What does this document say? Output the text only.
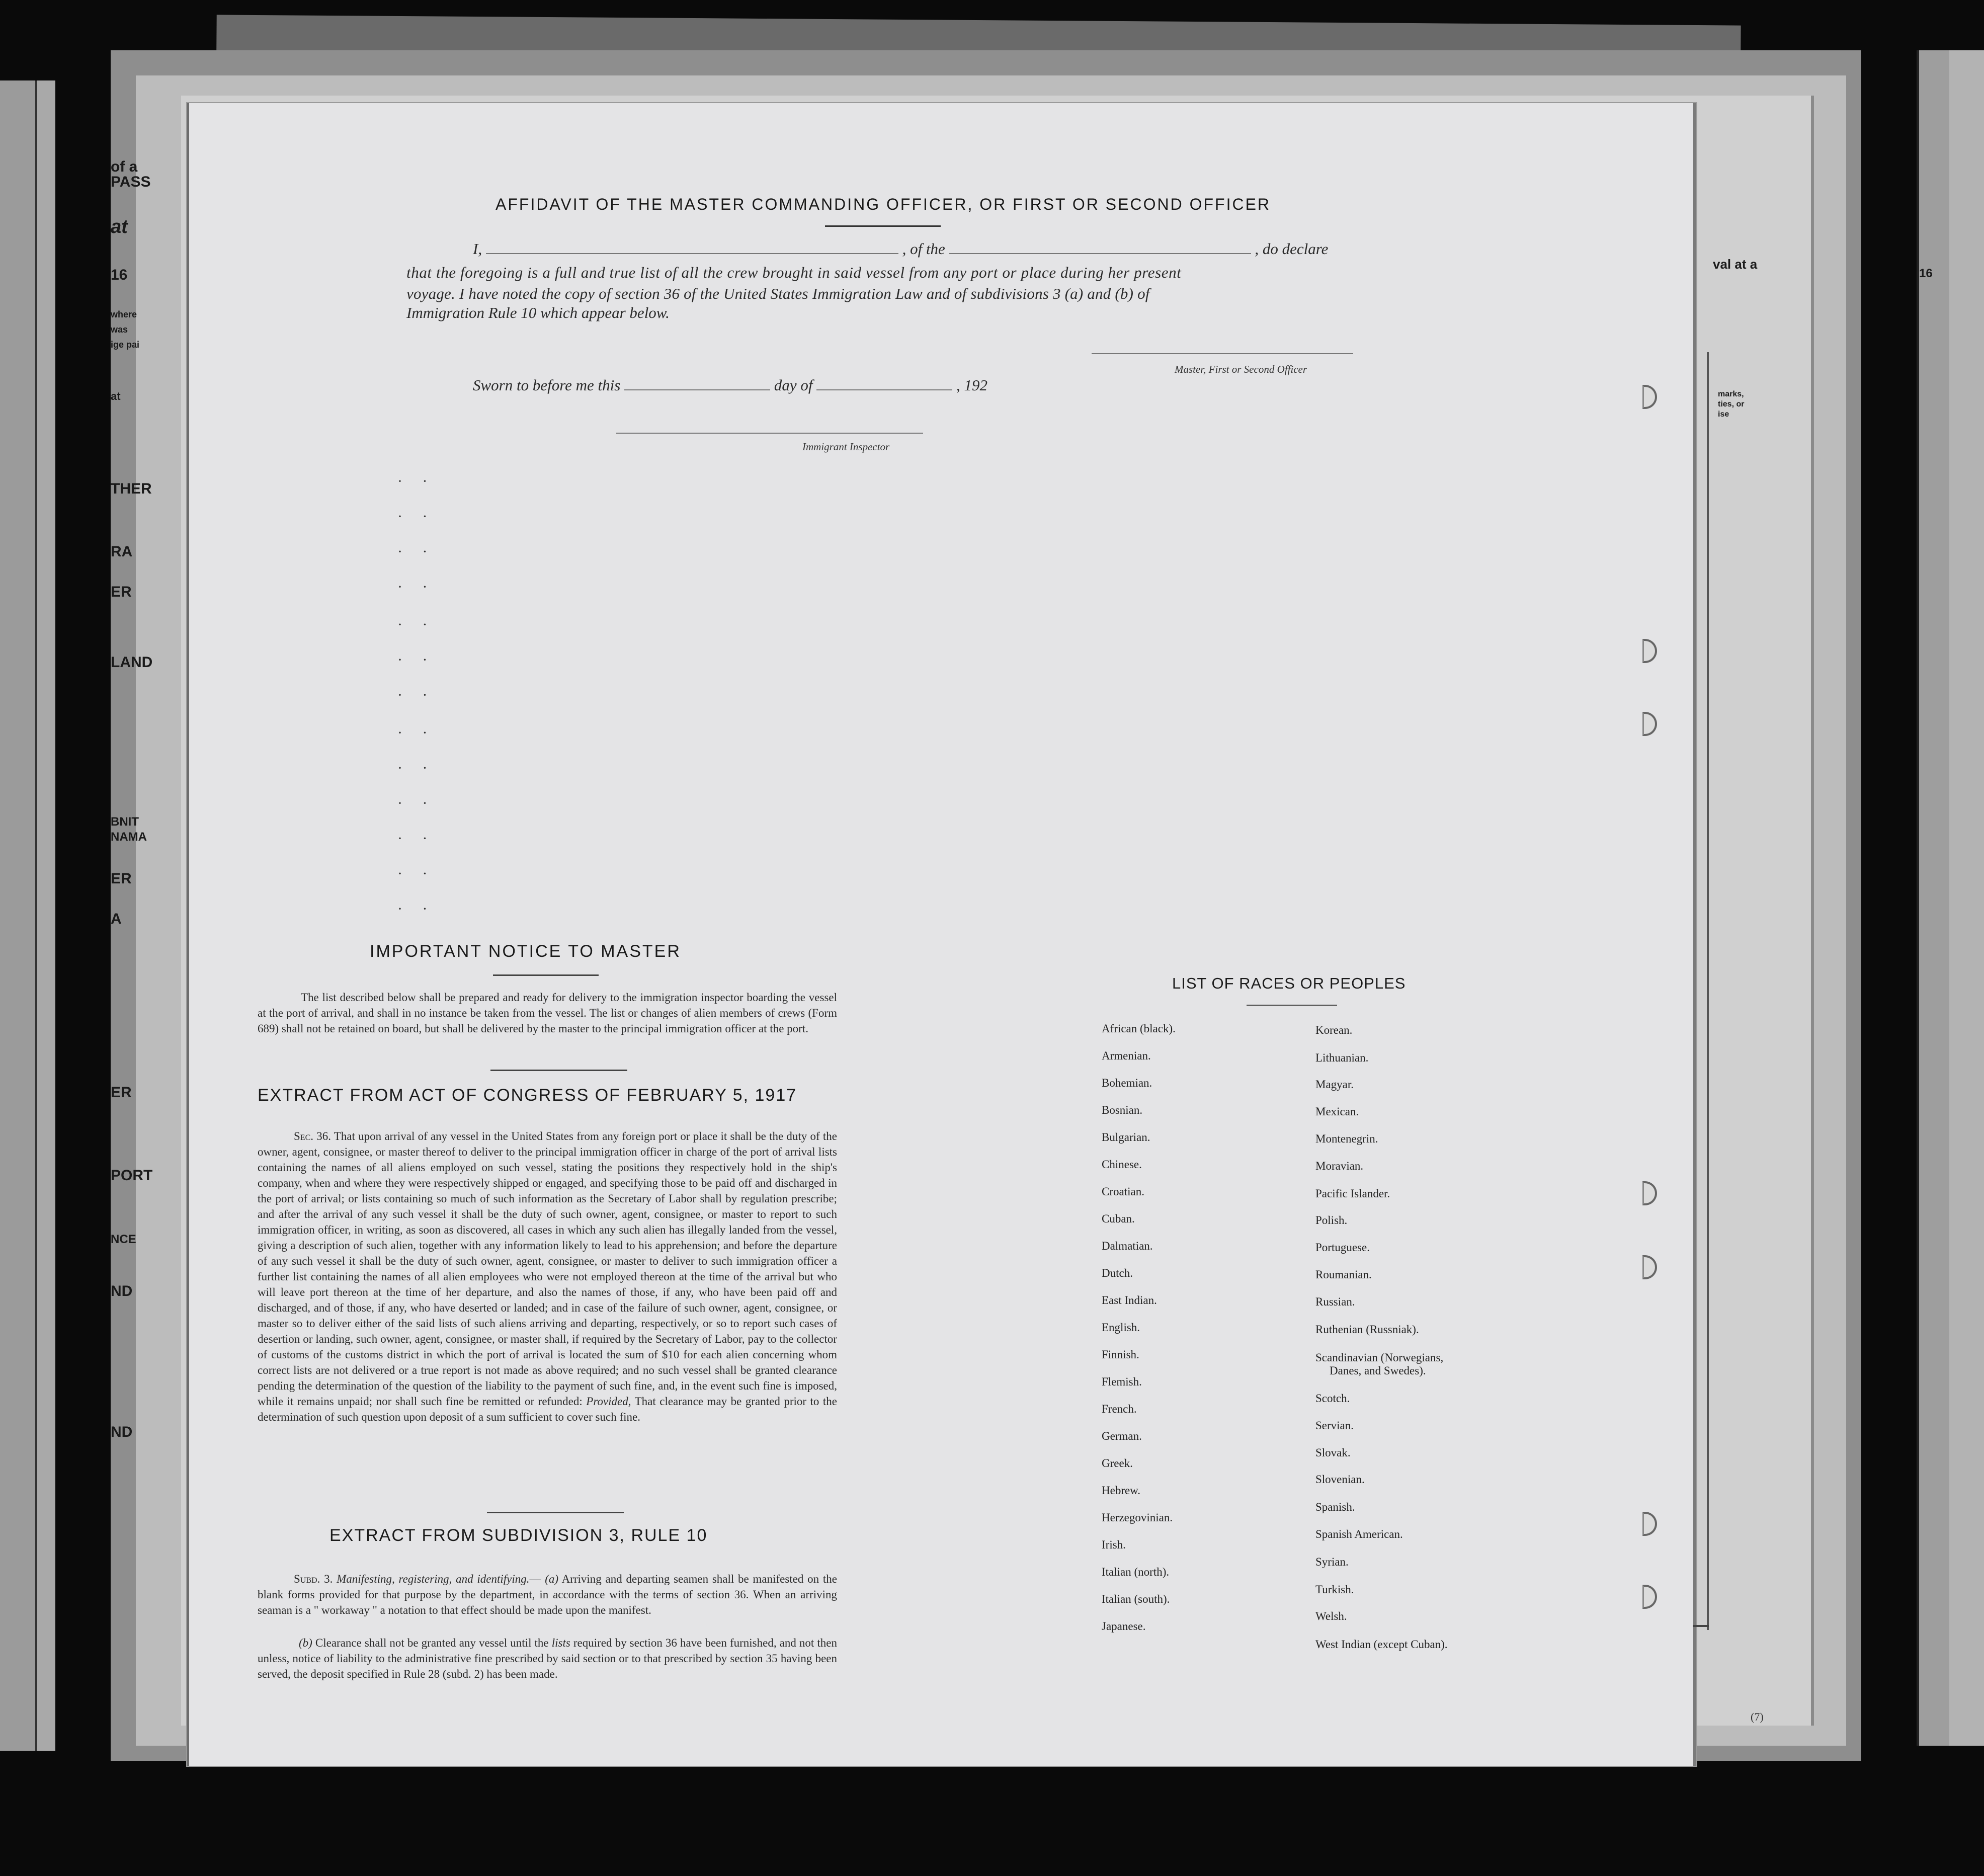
of a
PASS
at
16
where
was
ige pai
at
THER
RA
LAND
ER
BNIT
NAMA
ER
A
ER
PORT
NCE
ND
ND
val at a
16
marks,
ties, or
ise
AFFIDAVIT OF THE MASTER COMMANDING OFFICER, OR FIRST OR SECOND OFFICER
I,	, of the	, do declare
that the foregoing is a full and true list of all the crew brought in said vessel from any port or place during her present
voyage. I have noted the copy of section 36 of the United States Immigration Law and of subdivisions 3 (a) and (b) of
Immigration Rule 10 which appear below.
Master, First or Second Officer
Sworn to before me this	day of	, 192
Immigrant Inspector
· ·
· ·
· ·
· ·
· ·
· ·
· ·
· ·
· ·
· ·
· ·
· ·
· ·
IMPORTANT NOTICE TO MASTER
The list described below shall be prepared and ready for delivery to the immigration inspector boarding the vessel at the port of arrival, and shall in no instance be taken from the vessel. The list or changes of alien members of crews (Form 689) shall not be retained on board, but shall be delivered by the master to the principal immigration officer at the port.
EXTRACT FROM ACT OF CONGRESS OF FEBRUARY 5, 1917
Sec. 36. That upon arrival of any vessel in the United States from any foreign port or place it shall be the duty of the owner, agent, consignee, or master thereof to deliver to the principal immigration officer in charge of the port of arrival lists containing the names of all aliens employed on such vessel, stating the positions they respectively hold in the ship's company, when and where they were respectively shipped or engaged, and specifying those to be paid off and discharged in the port of arrival; or lists containing so much of such information as the Secretary of Labor shall by regulation prescribe; and after the arrival of any such vessel it shall be the duty of such owner, agent, consignee, or master to report to such immigration officer, in writing, as soon as discovered, all cases in which any such alien has illegally landed from the vessel, giving a description of such alien, together with any information likely to lead to his apprehension; and before the departure of any such vessel it shall be the duty of such owner, agent, consignee, or master to deliver to such immigration officer a further list containing the names of all alien employees who were not employed thereon at the time of the arrival but who will leave port thereon at the time of her departure, and also the names of those, if any, who have been paid off and discharged, and of those, if any, who have deserted or landed; and in case of the failure of such owner, agent, consignee, or master so to deliver either of the said lists of such aliens arriving and departing, respectively, or so to report such cases of desertion or landing, such owner, agent, consignee, or master shall, if required by the Secretary of Labor, pay to the collector of customs of the customs district in which the port of arrival is located the sum of $10 for each alien concerning whom correct lists are not delivered or a true report is not made as above required; and no such vessel shall be granted clearance pending the determination of the question of the liability to the payment of such fine, and, in the event such fine is imposed, while it remains unpaid; nor shall such fine be remitted or refunded: Provided, That clearance may be granted prior to the determination of such question upon deposit of a sum sufficient to cover such fine.
EXTRACT FROM SUBDIVISION 3, RULE 10
Subd. 3. Manifesting, registering, and identifying.— (a) Arriving and departing seamen shall be manifested on the blank forms provided for that purpose by the department, in accordance with the terms of section 36. When an arriving seaman is a " workaway " a notation to that effect should be made upon the manifest.
(b) Clearance shall not be granted any vessel until the lists required by section 36 have been furnished, and not then unless, notice of liability to the administrative fine prescribed by said section or to that prescribed by section 35 having been served, the deposit specified in Rule 28 (subd. 2) has been made.
LIST OF RACES OR PEOPLES
African (black).
Armenian.
Bohemian.
Bosnian.
Bulgarian.
Chinese.
Croatian.
Cuban.
Dalmatian.
Dutch.
East Indian.
English.
Finnish.
Flemish.
French.
German.
Greek.
Hebrew.
Herzegovinian.
Irish.
Italian (north).
Italian (south).
Japanese.
Korean.
Lithuanian.
Magyar.
Mexican.
Montenegrin.
Moravian.
Pacific Islander.
Polish.
Portuguese.
Roumanian.
Russian.
Ruthenian (Russniak).
Scandinavian (Norwegians,
Danes, and Swedes).
Scotch.
Servian.
Slovak.
Slovenian.
Spanish.
Spanish American.
Syrian.
Turkish.
Welsh.
West Indian (except Cuban).
(7)
